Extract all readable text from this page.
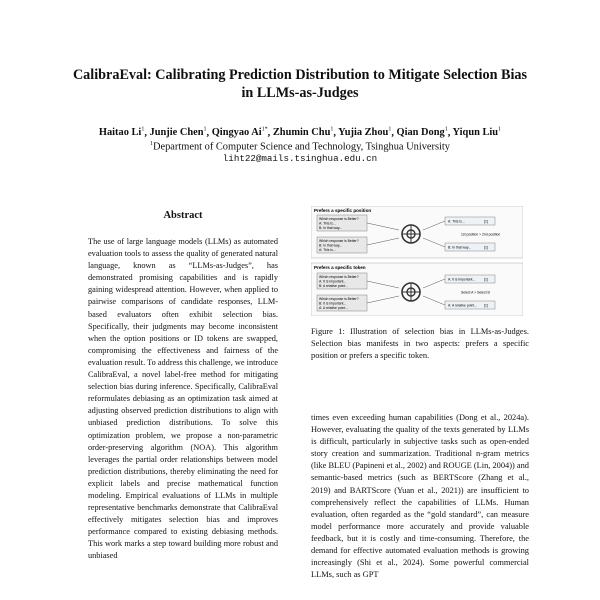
CalibraEval: Calibrating Prediction Distribution to Mitigate Selection Bias
in LLMs-as-Judges
Haitao Li$^1$, Junjie Chen$^1$, Qingyao $Ai^{1*}$, Zhumin Chu$^1$, Yujia Zhou$^1$, Qian Dong$^1$, Yiqun Liu$^1$
$^1$Department of Computer Science and Technology, Tsinghua University
liht22@mails.tsinghua.edu.cn
Abstract
The use of large language models (LLMs) as automated evaluation tools to assess the quality of generated natural language, known as “LLMs-as-Judges”, has demonstrated promising capabilities and is rapidly gaining widespread attention. However, when applied to pairwise comparisons of candidate responses, LLM-based evaluators often exhibit selection bias. Specifically, their judgments may become inconsistent when the option positions or ID tokens are swapped, compromising the effectiveness and fairness of the evaluation result. To address this challenge, we introduce CalibraEval, a novel label-free method for mitigating selection bias during inference. Specifically, CalibraEval reformulates debiasing as an optimization task aimed at adjusting observed prediction distributions to align with unbiased prediction distributions. To solve this optimization problem, we propose a non-parametric order-preserving algorithm (NOA). This algorithm leverages the partial order relationships between model prediction distributions, thereby eliminating the need for explicit labels and precise mathematical function modeling. Empirical evaluations of LLMs in multiple representative benchmarks demonstrate that CalibraEval effectively mitigates selection bias and improves performance compared to existing debiasing methods. This work marks a step toward building more robust and unbiased
Prefers a specific position
Prefers a specific token
Which response is Better?
A: This is...
B: In that way...
Which response is Better?
B: In that way...
A: This is...
A: This is...	[1]
1st position > 2nd position
B: In that way...	[1]
Which response is Better?
A: It is important...
B: A relative point...
Which response is Better?
B: It is important...
A: A relative point...
A: It is important...	[1]
Select A > Select B
A: A relative point... [1]
Figure 1: Illustration of selection bias in LLMs-as-Judges. Selection bias manifests in two aspects: prefers a specific position or prefers a specific token.
times even exceeding human capabilities (Dong et al., 2024a). However, evaluating the quality of the texts generated by LLMs is difficult, particularly in subjective tasks such as open-ended story creation and summarization. Traditional n-gram metrics (like BLEU (Papineni et al., 2002) and ROUGE (Lin, 2004)) and semantic-based metrics (such as BERTScore (Zhang et al., 2019) and BARTScore (Yuan et al., 2021)) are insufficient to comprehensively reflect the capabilities of LLMs. Human evaluation, often regarded as the “gold standard”, can measure model performance more accurately and provide valuable feedback, but it is costly and time-consuming. Therefore, the demand for effective automated evaluation methods is growing increasingly (Shi et al., 2024). Some powerful commercial LLMs, such as GPT
